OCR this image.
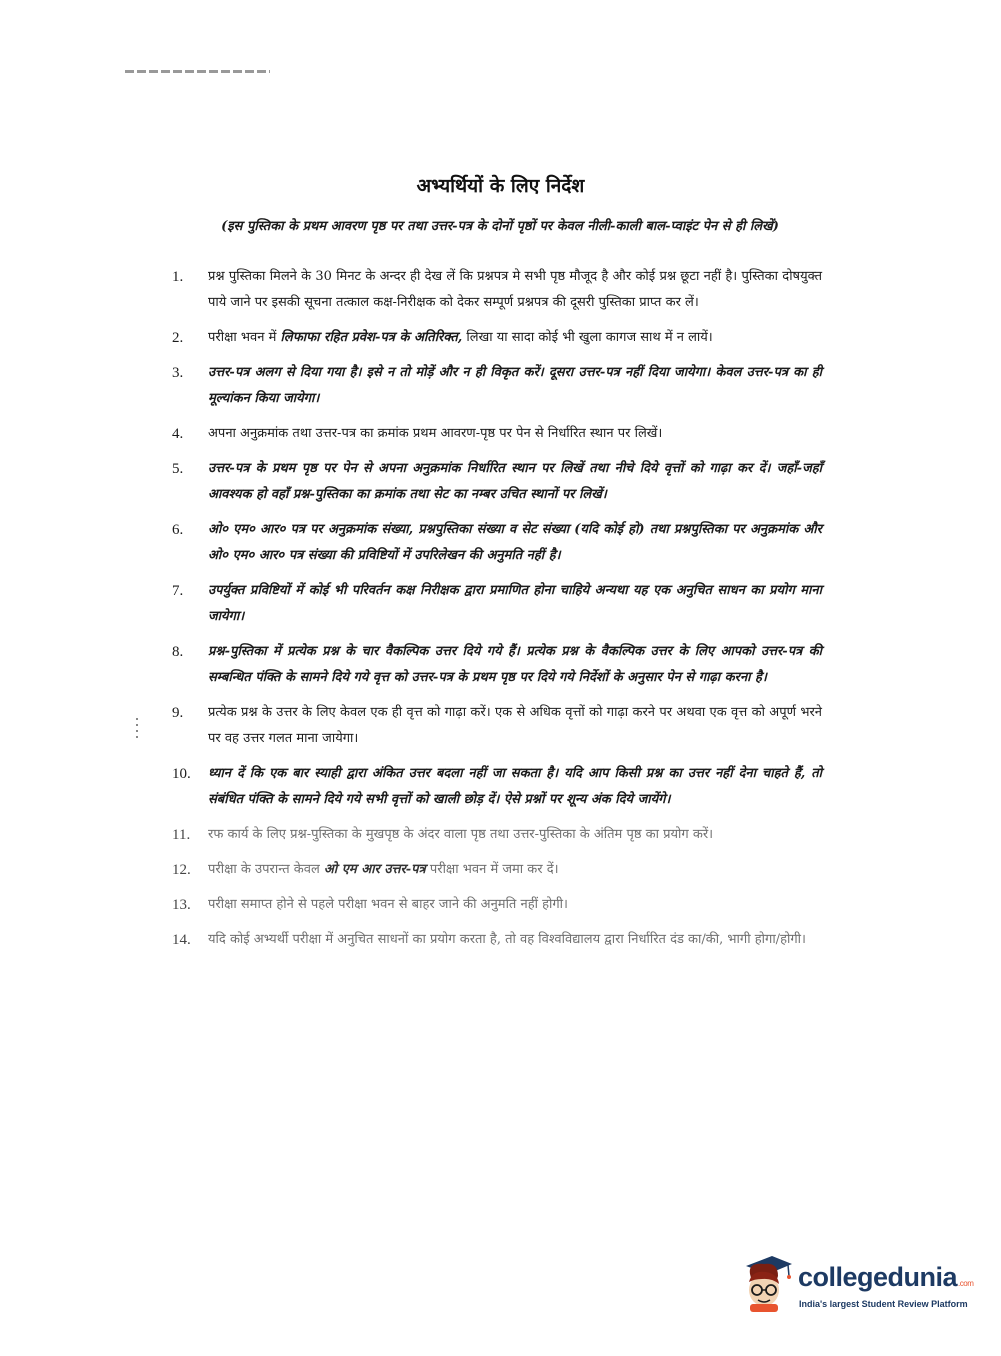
अभ्यर्थियों के लिए निर्देश
(इस पुस्तिका के प्रथम आवरण पृष्ठ पर तथा उत्तर-पत्र के दोनों पृष्ठों पर केवल नीली-काली बाल-प्वाइंट पेन से ही लिखें)
1.	प्रश्न पुस्तिका मिलने के 30 मिनट के अन्दर ही देख लें कि प्रश्नपत्र मे सभी पृष्ठ मौजूद है और कोई प्रश्न छूटा नहीं है। पुस्तिका दोषयुक्त पाये जाने पर इसकी सूचना तत्काल कक्ष-निरीक्षक को देकर सम्पूर्ण प्रश्नपत्र की दूसरी पुस्तिका प्राप्त कर लें।
2.	परीक्षा भवन में लिफाफा रहित प्रवेश-पत्र के अतिरिक्त, लिखा या सादा कोई भी खुला कागज साथ में न लायें।
3.	उत्तर-पत्र अलग से दिया गया है। इसे न तो मोड़ें और न ही विकृत करें। दूसरा उत्तर-पत्र नहीं दिया जायेगा। केवल उत्तर-पत्र का ही मूल्यांकन किया जायेगा।
4.	अपना अनुक्रमांक तथा उत्तर-पत्र का क्रमांक प्रथम आवरण-पृष्ठ पर पेन से निर्धारित स्थान पर लिखें।
5.	उत्तर-पत्र के प्रथम पृष्ठ पर पेन से अपना अनुक्रमांक निर्धारित स्थान पर लिखें तथा नीचे दिये वृत्तों को गाढ़ा कर दें। जहाँ-जहाँ आवश्यक हो वहाँ प्रश्न-पुस्तिका का क्रमांक तथा सेट का नम्बर उचित स्थानों पर लिखें।
6.	ओ० एम० आर० पत्र पर अनुक्रमांक संख्या, प्रश्नपुस्तिका संख्या व सेट संख्या (यदि कोई हो) तथा प्रश्नपुस्तिका पर अनुक्रमांक और ओ० एम० आर० पत्र संख्या की प्रविष्टियों में उपरिलेखन की अनुमति नहीं है।
7.	उपर्युक्त प्रविष्टियों में कोई भी परिवर्तन कक्ष निरीक्षक द्वारा प्रमाणित होना चाहिये अन्यथा यह एक अनुचित साधन का प्रयोग माना जायेगा।
8.	प्रश्न-पुस्तिका में प्रत्येक प्रश्न के चार वैकल्पिक उत्तर दिये गये हैं। प्रत्येक प्रश्न के वैकल्पिक उत्तर के लिए आपको उत्तर-पत्र की सम्बन्धित पंक्ति के सामने दिये गये वृत्त को उत्तर-पत्र के प्रथम पृष्ठ पर दिये गये निर्देशों के अनुसार पेन से गाढ़ा करना है।
9.	प्रत्येक प्रश्न के उत्तर के लिए केवल एक ही वृत्त को गाढ़ा करें। एक से अधिक वृत्तों को गाढ़ा करने पर अथवा एक वृत्त को अपूर्ण भरने पर वह उत्तर गलत माना जायेगा।
10.	ध्यान दें कि एक बार स्याही द्वारा अंकित उत्तर बदला नहीं जा सकता है। यदि आप किसी प्रश्न का उत्तर नहीं देना चाहते हैं, तो संबंधित पंक्ति के सामने दिये गये सभी वृत्तों को खाली छोड़ दें। ऐसे प्रश्नों पर शून्य अंक दिये जायेंगे।
11.	रफ कार्य के लिए प्रश्न-पुस्तिका के मुखपृष्ठ के अंदर वाला पृष्ठ तथा उत्तर-पुस्तिका के अंतिम पृष्ठ का प्रयोग करें।
12.	परीक्षा के उपरान्त केवल ओ एम आर उत्तर-पत्र परीक्षा भवन में जमा कर दें।
13.	परीक्षा समाप्त होने से पहले परीक्षा भवन से बाहर जाने की अनुमति नहीं होगी।
14.	यदि कोई अभ्यर्थी परीक्षा में अनुचित साधनों का प्रयोग करता है, तो वह विश्वविद्यालय द्वारा निर्धारित दंड का/की, भागी होगा/होगी।
collegedunia.com
India's largest Student Review Platform
